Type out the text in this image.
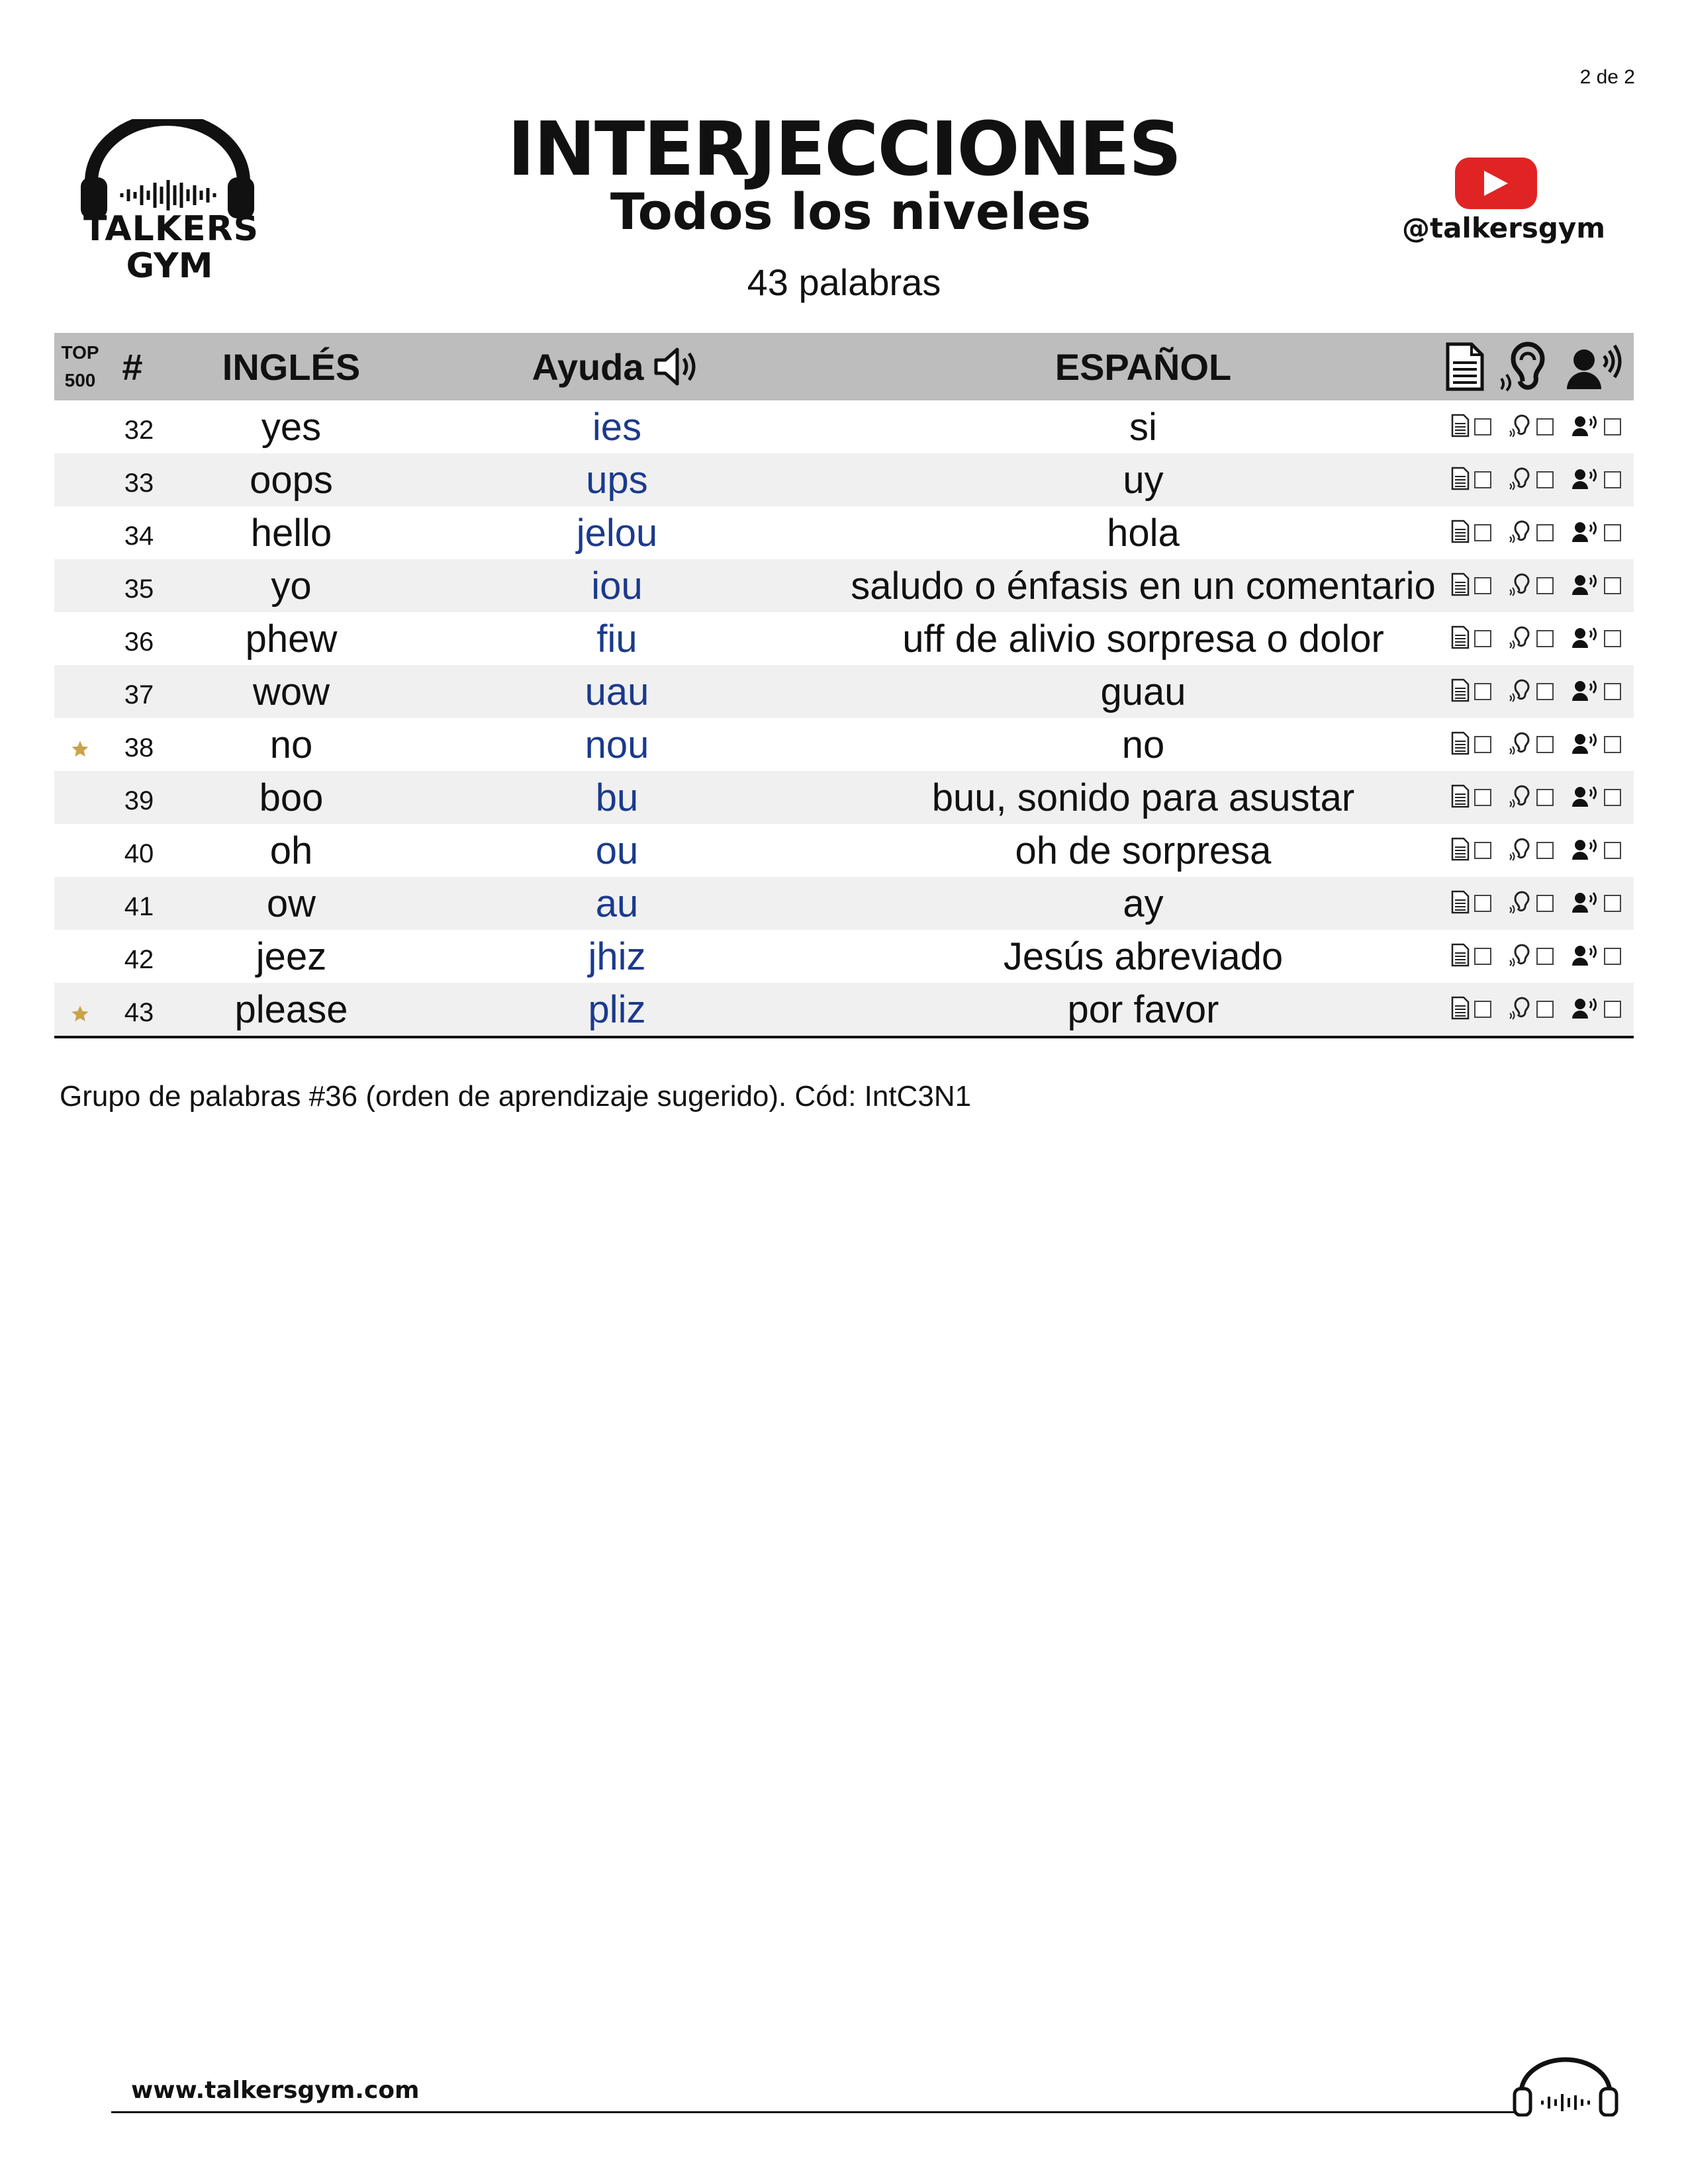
2 de 2
TALKERS
GYM
INTERJECCIONES
Todos los niveles
43 palabras
@talkersgym
TOP
500 #	INGLÉS	Ayuda	ESPAÑOL
32	yes	ies	si
33	oops	ups	uy
34	hello	jelou	hola
35	yo	iou	saludo o énfasis en un comentario
36	phew	fiu	uff de alivio sorpresa o dolor
37	wow	uau	guau
38	no	nou	no
39	boo	bu	buu, sonido para asustar
40	oh	ou	oh de sorpresa
41	ow	au	ay
42	jeez	jhiz	Jesús abreviado
43	please	pliz	por favor
Grupo de palabras #36 (orden de aprendizaje sugerido). Cód: IntC3N1
www.talkersgym.com
